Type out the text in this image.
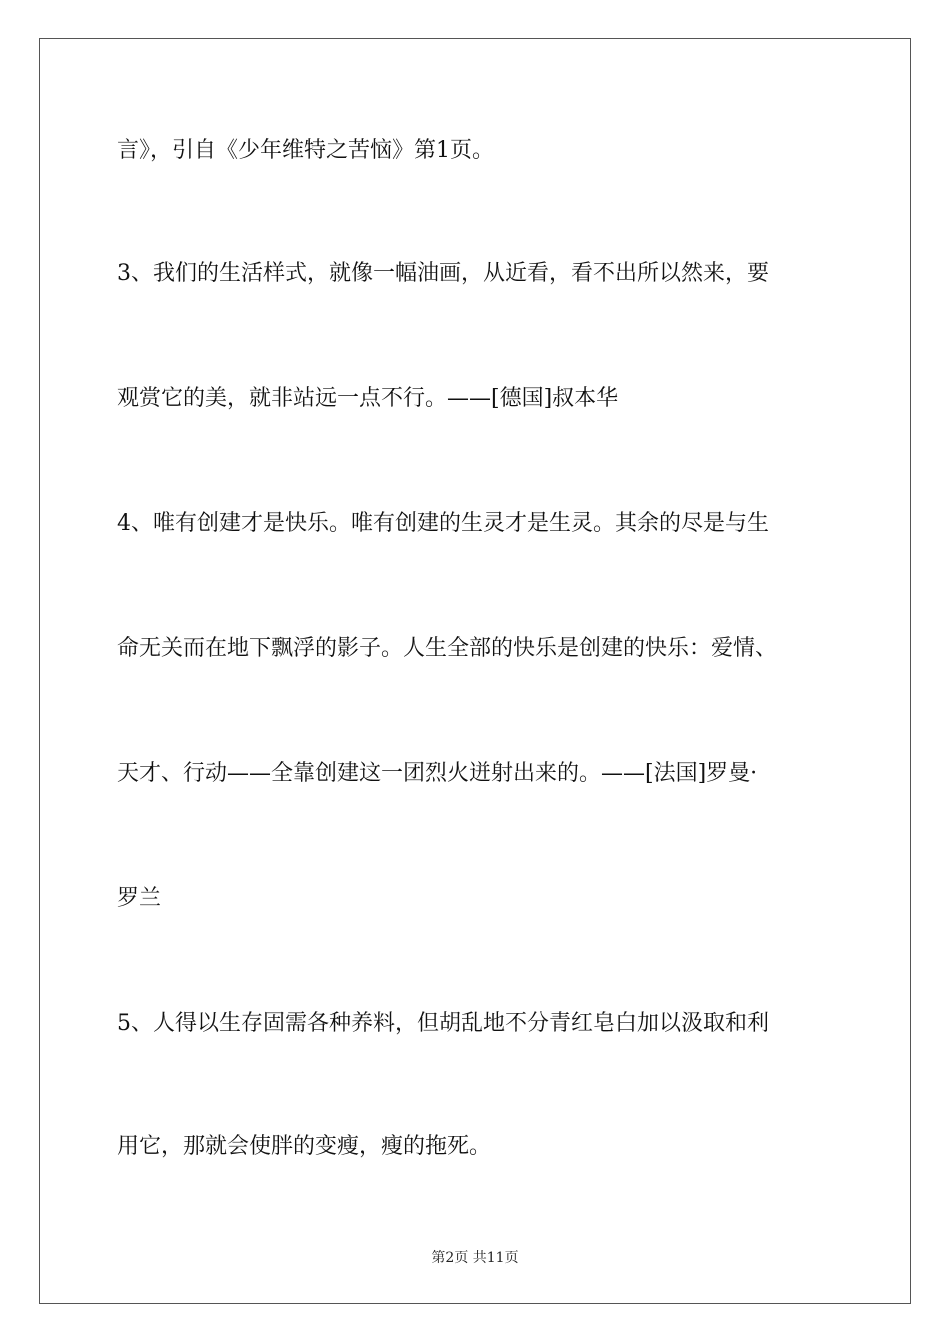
言》，引自《少年维特之苦恼》第1页。
3、我们的生活样式，就像一幅油画，从近看，看不出所以然来，要
观赏它的美，就非站远一点不行。——[德国]叔本华
4、唯有创建才是快乐。唯有创建的生灵才是生灵。其余的尽是与生
命无关而在地下飘浮的影子。人生全部的快乐是创建的快乐：爱情、
天才、行动——全靠创建这一团烈火迸射出来的。——[法国]罗曼·
罗兰
5、人得以生存固需各种养料，但胡乱地不分青红皂白加以汲取和利
用它，那就会使胖的变瘦，瘦的拖死。
第2页 共11页
